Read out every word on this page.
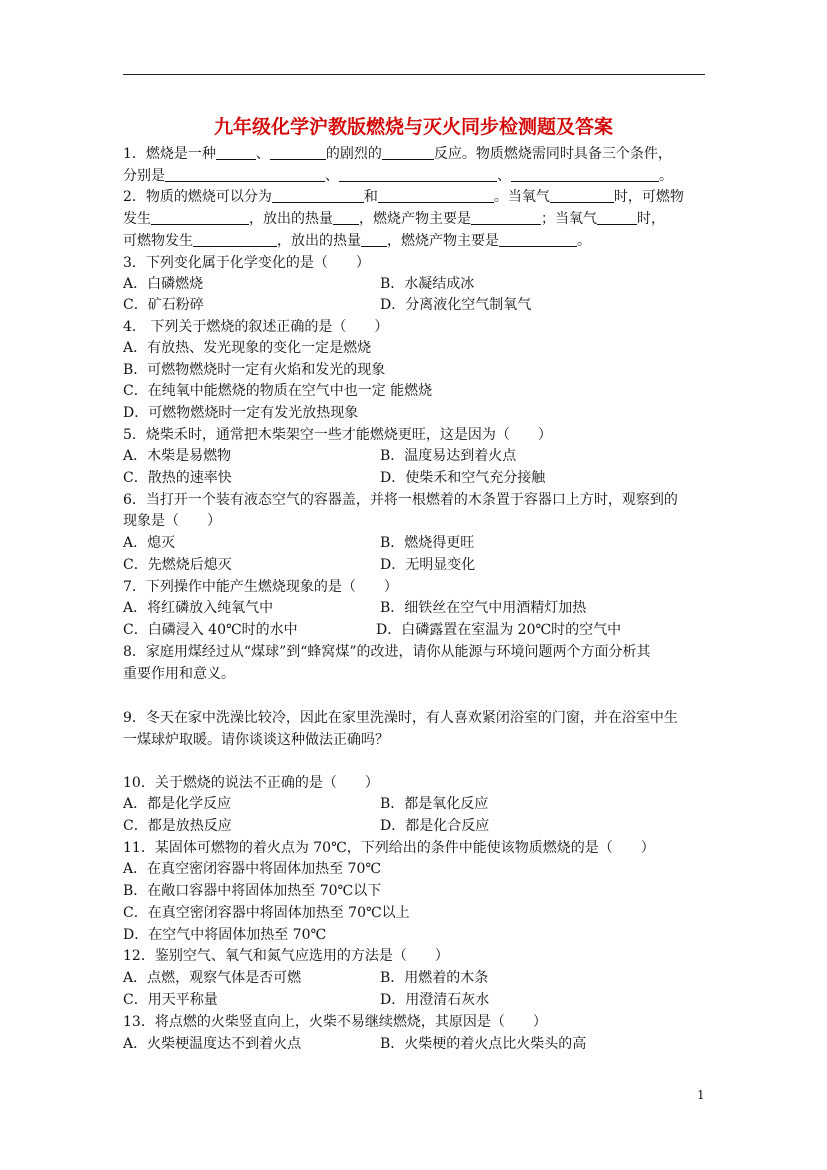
九年级化学沪教版燃烧与灭火同步检测题及答案
1．燃烧是一种	、	的剧烈的	反应。物质燃烧需同时具备三个条件，
分别是	、	、	。
2．物质的燃烧可以分为	和	。当氧气	时，可燃物
发生	，放出的热量 ，燃烧产物主要是	；当氧气	时，
可燃物发生	，放出的热量 ，燃烧产物主要是	。
3．下列变化属于化学变化的是（　　）
A．白磷燃烧	B．水凝结成冰
C．矿石粉碎	D．分离液化空气制氧气
4． 下列关于燃烧的叙述正确的是（　　）
A．有放热、发光现象的变化一定是燃烧
B．可燃物燃烧时一定有火焰和发光的现象
C．在纯氧中能燃烧的物质在空气中也一定 能燃烧
D．可燃物燃烧时一定有发光放热现象
5．烧柴禾时，通常把木柴架空一些才能燃烧更旺，这是因为（　　）
A．木柴是易燃物	B．温度易达到着火点
C．散热的速率快	D．使柴禾和空气充分接触
6．当打开一个装有液态空气的容器盖，并将一根燃着的木条置于容器口上方时，观察到的
现象是（　　）
A．熄灭	B．燃烧得更旺
C．先燃烧后熄灭	D．无明显变化
7．下列操作中能产生燃烧现象的是（　　）
A．将红磷放入纯氧气中	B．细铁丝在空气中用酒精灯加热
C．白磷浸入 40℃时的水中	D．白磷露置在室温为 20℃时的空气中
8．家庭用煤经过从“煤球”到“蜂窝煤”的改进，请你从能源与环境问题两个方面分析其
重要作用和意义。
9．冬天在家中洗澡比较冷，因此在家里洗澡时，有人喜欢紧闭浴室的门窗，并在浴室中生
一煤球炉取暖。请你谈谈这种做法正确吗？
10．关于燃烧的说法不正确的是（　　）
A．都是化学反应	B．都是氧化反应
C．都是放热反应	D．都是化合反应
11．某固体可燃物的着火点为 70℃，下列给出的条件中能使该物质燃烧的是（　　）
A．在真空密闭容器中将固体加热至 70℃
B．在敞口容器中将固体加热至 70℃以下
C．在真空密闭容器中将固体加热至 70℃以上
D．在空气中将固体加热至 70℃
12．鉴别空气、氧气和氮气应选用的方法是（　　）
A．点燃，观察气体是否可燃	B．用燃着的木条
C．用天平称量	D．用澄清石灰水
13．将点燃的火柴竖直向上，火柴不易继续燃烧，其原因是（　　）
A．火柴梗温度达不到着火点	B．火柴梗的着火点比火柴头的高
1
